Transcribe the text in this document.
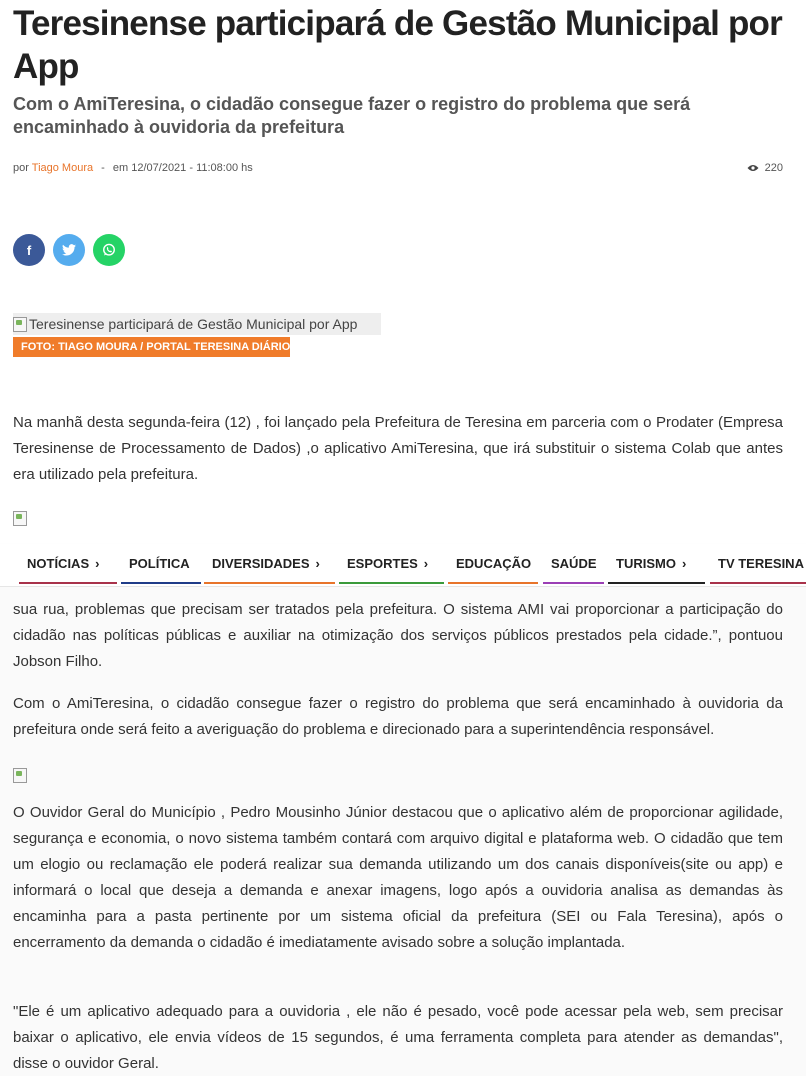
Teresinense participará de Gestão Municipal por App
Com o AmiTeresina, o cidadão consegue fazer o registro do problema que será encaminhado à ouvidoria da prefeitura
por Tiago Moura - em 12/07/2021 - 11:08:00 hs	220
f
Teresinense participará de Gestão Municipal por App
FOTO: TIAGO MOURA / PORTAL TERESINA DIÁRIO

Na manhã desta segunda-feira (12) , foi lançado pela Prefeitura de Teresina em parceria com o Prodater (Empresa Teresinense de Processamento de Dados) ,o aplicativo AmiTeresina, que irá substituir o sistema Colab que antes era utilizado pela prefeitura.

NOTÍCIAS ›	POLÍTICA	DIVERSIDADES ›	ESPORTES ›	EDUCAÇÃO	SAÚDE	TURISMO ›	TV TERESINA

sua rua, problemas que precisam ser tratados pela prefeitura. O sistema AMI vai proporcionar a participação do cidadão nas políticas públicas e auxiliar na otimização dos serviços públicos prestados pela cidade.”, pontuou Jobson Filho.

Com o AmiTeresina, o cidadão consegue fazer o registro do problema que será encaminhado à ouvidoria da prefeitura onde será feito a averiguação do problema e direcionado para a superintendência responsável.

O Ouvidor Geral do Município , Pedro Mousinho Júnior destacou que o aplicativo além de proporcionar agilidade, segurança e economia, o novo sistema também contará com arquivo digital e plataforma web. O cidadão que tem um elogio ou reclamação ele poderá realizar sua demanda utilizando um dos canais disponíveis(site ou app) e informará o local que deseja a demanda e anexar imagens, logo após a ouvidoria analisa as demandas às encaminha para a pasta pertinente por um sistema oficial da prefeitura (SEI ou Fala Teresina), após o encerramento da demanda o cidadão é imediatamente avisado sobre a solução implantada.

"Ele é um aplicativo adequado para a ouvidoria , ele não é pesado, você pode acessar pela web, sem precisar baixar o aplicativo, ele envia vídeos de 15 segundos, é uma ferramenta completa para atender as demandas", disse o ouvidor Geral.
